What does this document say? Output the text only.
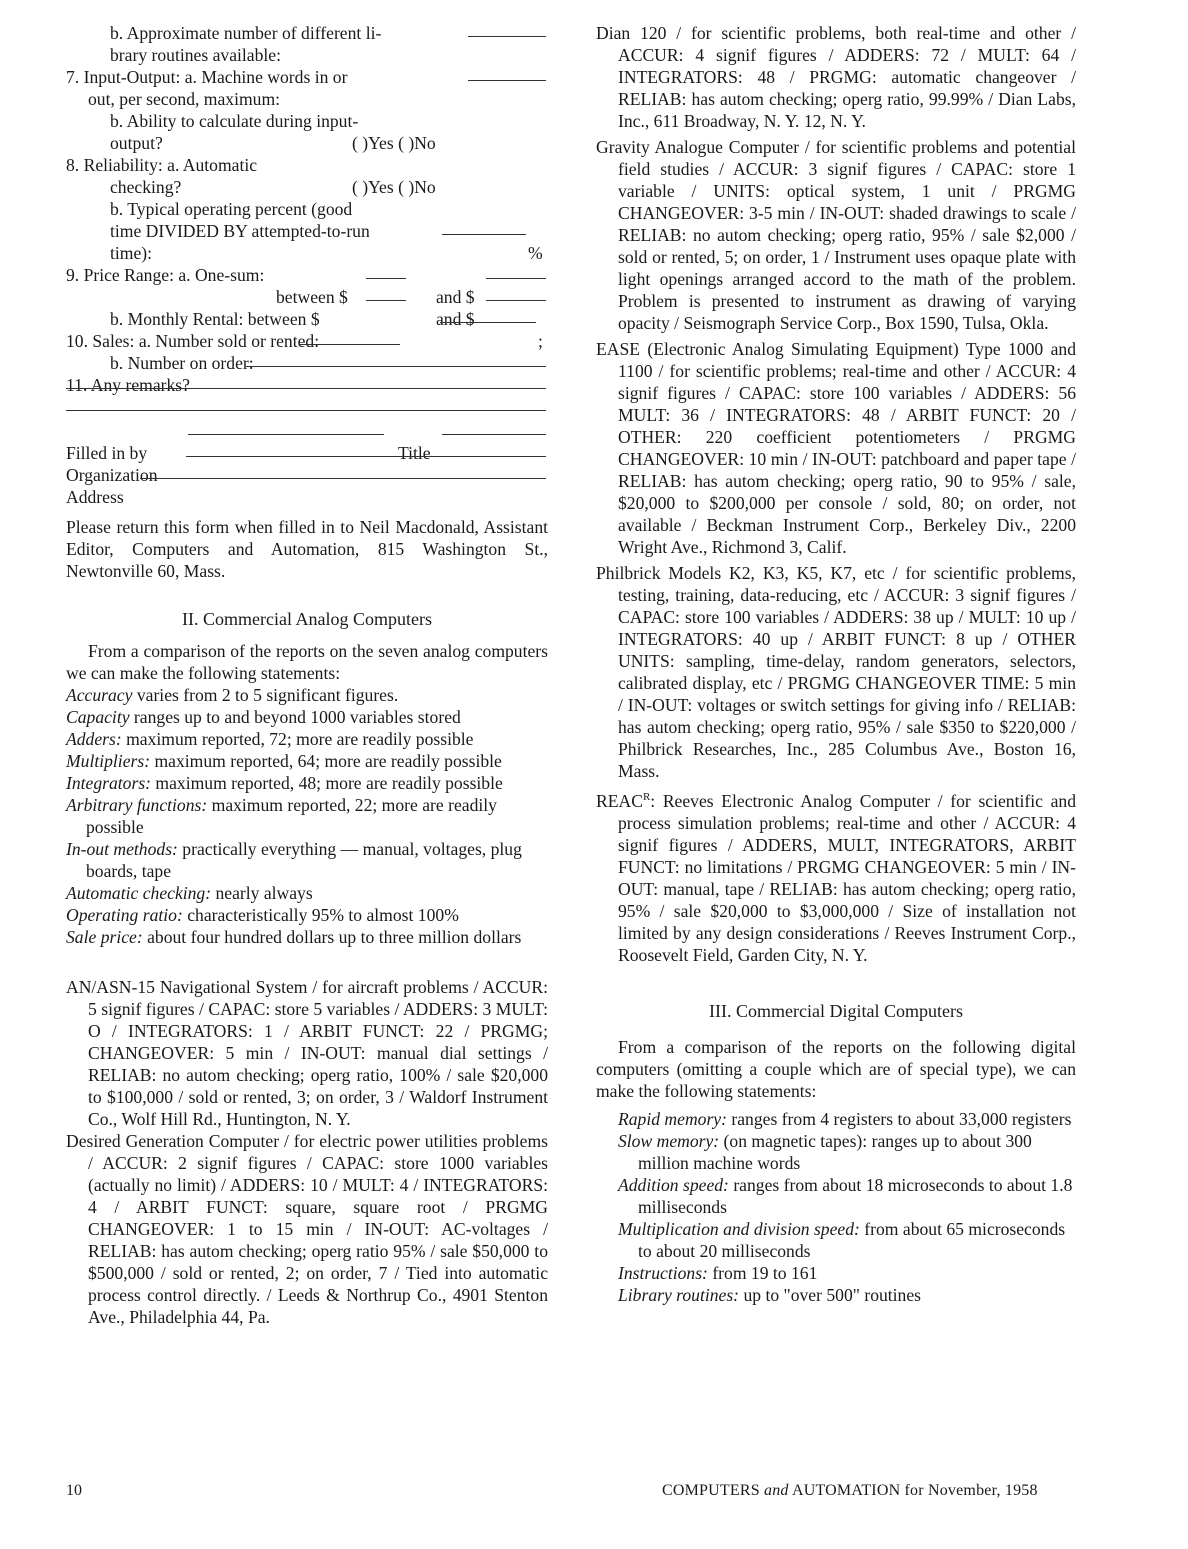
b. Approximate number of different li-
brary routines available:
7. Input-Output: a. Machine words in or
out, per second, maximum:
b. Ability to calculate during input-
output?	( )Yes ( )No
8. Reliability: a. Automatic
checking?	( )Yes ( )No
b. Typical operating percent (good
time DIVIDED BY attempted-to-run
time):	%
9. Price Range: a. One-sum:
between $	and $
b. Monthly Rental: between $	and $
10. Sales: a. Number sold or rented:	;
b. Number on order:
11. Any remarks?
Filled in by	Title
Organization
Address
Please return this form when filled in to Neil Macdonald, Assistant Editor, Computers and Automation, 815 Washington St., Newtonville 60, Mass.
II. Commercial Analog Computers
From a comparison of the reports on the seven analog computers we can make the following statements:
Accuracy varies from 2 to 5 significant figures.
Capacity ranges up to and beyond 1000 variables stored
Adders: maximum reported, 72; more are readily possible
Multipliers: maximum reported, 64; more are readily possible
Integrators: maximum reported, 48; more are readily possible
Arbitrary functions: maximum reported, 22; more are readily possible
In-out methods: practically everything — manual, voltages, plug boards, tape
Automatic checking: nearly always
Operating ratio: characteristically 95% to almost 100%
Sale price: about four hundred dollars up to three million dollars
AN/ASN-15 Navigational System / for aircraft problems / ACCUR: 5 signif figures / CAPAC: store 5 variables / ADDERS: 3 MULT: O / INTEGRATORS: 1 / ARBIT FUNCT: 22 / PRGMG; CHANGEOVER: 5 min / IN-OUT: manual dial settings / RELIAB: no autom checking; operg ratio, 100% / sale $20,000 to $100,000 / sold or rented, 3; on order, 3 / Waldorf Instrument Co., Wolf Hill Rd., Huntington, N. Y.
Desired Generation Computer / for electric power utilities problems / ACCUR: 2 signif figures / CAPAC: store 1000 variables (actually no limit) / ADDERS: 10 / MULT: 4 / INTEGRATORS: 4 / ARBIT FUNCT: square, square root / PRGMG CHANGEOVER: 1 to 15 min / IN-OUT: AC-voltages / RELIAB: has autom checking; operg ratio 95% / sale $50,000 to $500,000 / sold or rented, 2; on order, 7 / Tied into automatic process control directly. / Leeds & Northrup Co., 4901 Stenton Ave., Philadelphia 44, Pa.
Dian 120 / for scientific problems, both real-time and other / ACCUR: 4 signif figures / ADDERS: 72 / MULT: 64 / INTEGRATORS: 48 / PRGMG: automatic changeover / RELIAB: has autom checking; operg ratio, 99.99% / Dian Labs, Inc., 611 Broadway, N. Y. 12, N. Y.
Gravity Analogue Computer / for scientific problems and potential field studies / ACCUR: 3 signif figures / CAPAC: store 1 variable / UNITS: optical system, 1 unit / PRGMG CHANGEOVER: 3-5 min / IN-OUT: shaded drawings to scale / RELIAB: no autom checking; operg ratio, 95% / sale $2,000 / sold or rented, 5; on order, 1 / Instrument uses opaque plate with light openings arranged accord to the math of the problem. Problem is presented to instrument as drawing of varying opacity / Seismograph Service Corp., Box 1590, Tulsa, Okla.
EASE (Electronic Analog Simulating Equipment) Type 1000 and 1100 / for scientific problems; real-time and other / ACCUR: 4 signif figures / CAPAC: store 100 variables / ADDERS: 56 MULT: 36 / INTEGRATORS: 48 / ARBIT FUNCT: 20 / OTHER: 220 coefficient potentiometers / PRGMG CHANGEOVER: 10 min / IN-OUT: patchboard and paper tape / RELIAB: has autom checking; operg ratio, 90 to 95% / sale, $20,000 to $200,000 per console / sold, 80; on order, not available / Beckman Instrument Corp., Berkeley Div., 2200 Wright Ave., Richmond 3, Calif.
Philbrick Models K2, K3, K5, K7, etc / for scientific problems, testing, training, data-reducing, etc / ACCUR: 3 signif figures / CAPAC: store 100 variables / ADDERS: 38 up / MULT: 10 up / INTEGRATORS: 40 up / ARBIT FUNCT: 8 up / OTHER UNITS: sampling, time-delay, random generators, selectors, calibrated display, etc / PRGMG CHANGEOVER TIME: 5 min / IN-OUT: voltages or switch settings for giving info / RELIAB: has autom checking; operg ratio, 95% / sale $350 to $220,000 / Philbrick Researches, Inc., 285 Columbus Ave., Boston 16, Mass.
$REAC^R$: Reeves Electronic Analog Computer / for scientific and process simulation problems; real-time and other / ACCUR: 4 signif figures / ADDERS, MULT, INTEGRATORS, ARBIT FUNCT: no limitations / PRGMG CHANGEOVER: 5 min / IN-OUT: manual, tape / RELIAB: has autom checking; operg ratio, 95% / sale $20,000 to $3,000,000 / Size of installation not limited by any design considerations / Reeves Instrument Corp., Roosevelt Field, Garden City, N. Y.
III. Commercial Digital Computers
From a comparison of the reports on the following digital computers (omitting a couple which are of special type), we can make the following statements:
Rapid memory: ranges from 4 registers to about 33,000 registers
Slow memory: (on magnetic tapes): ranges up to about 300 million machine words
Addition speed: ranges from about 18 microseconds to about 1.8 milliseconds
Multiplication and division speed: from about 65 microseconds to about 20 milliseconds
Instructions: from 19 to 161
Library routines: up to "over 500" routines
10	COMPUTERS and AUTOMATION for November, 1958
